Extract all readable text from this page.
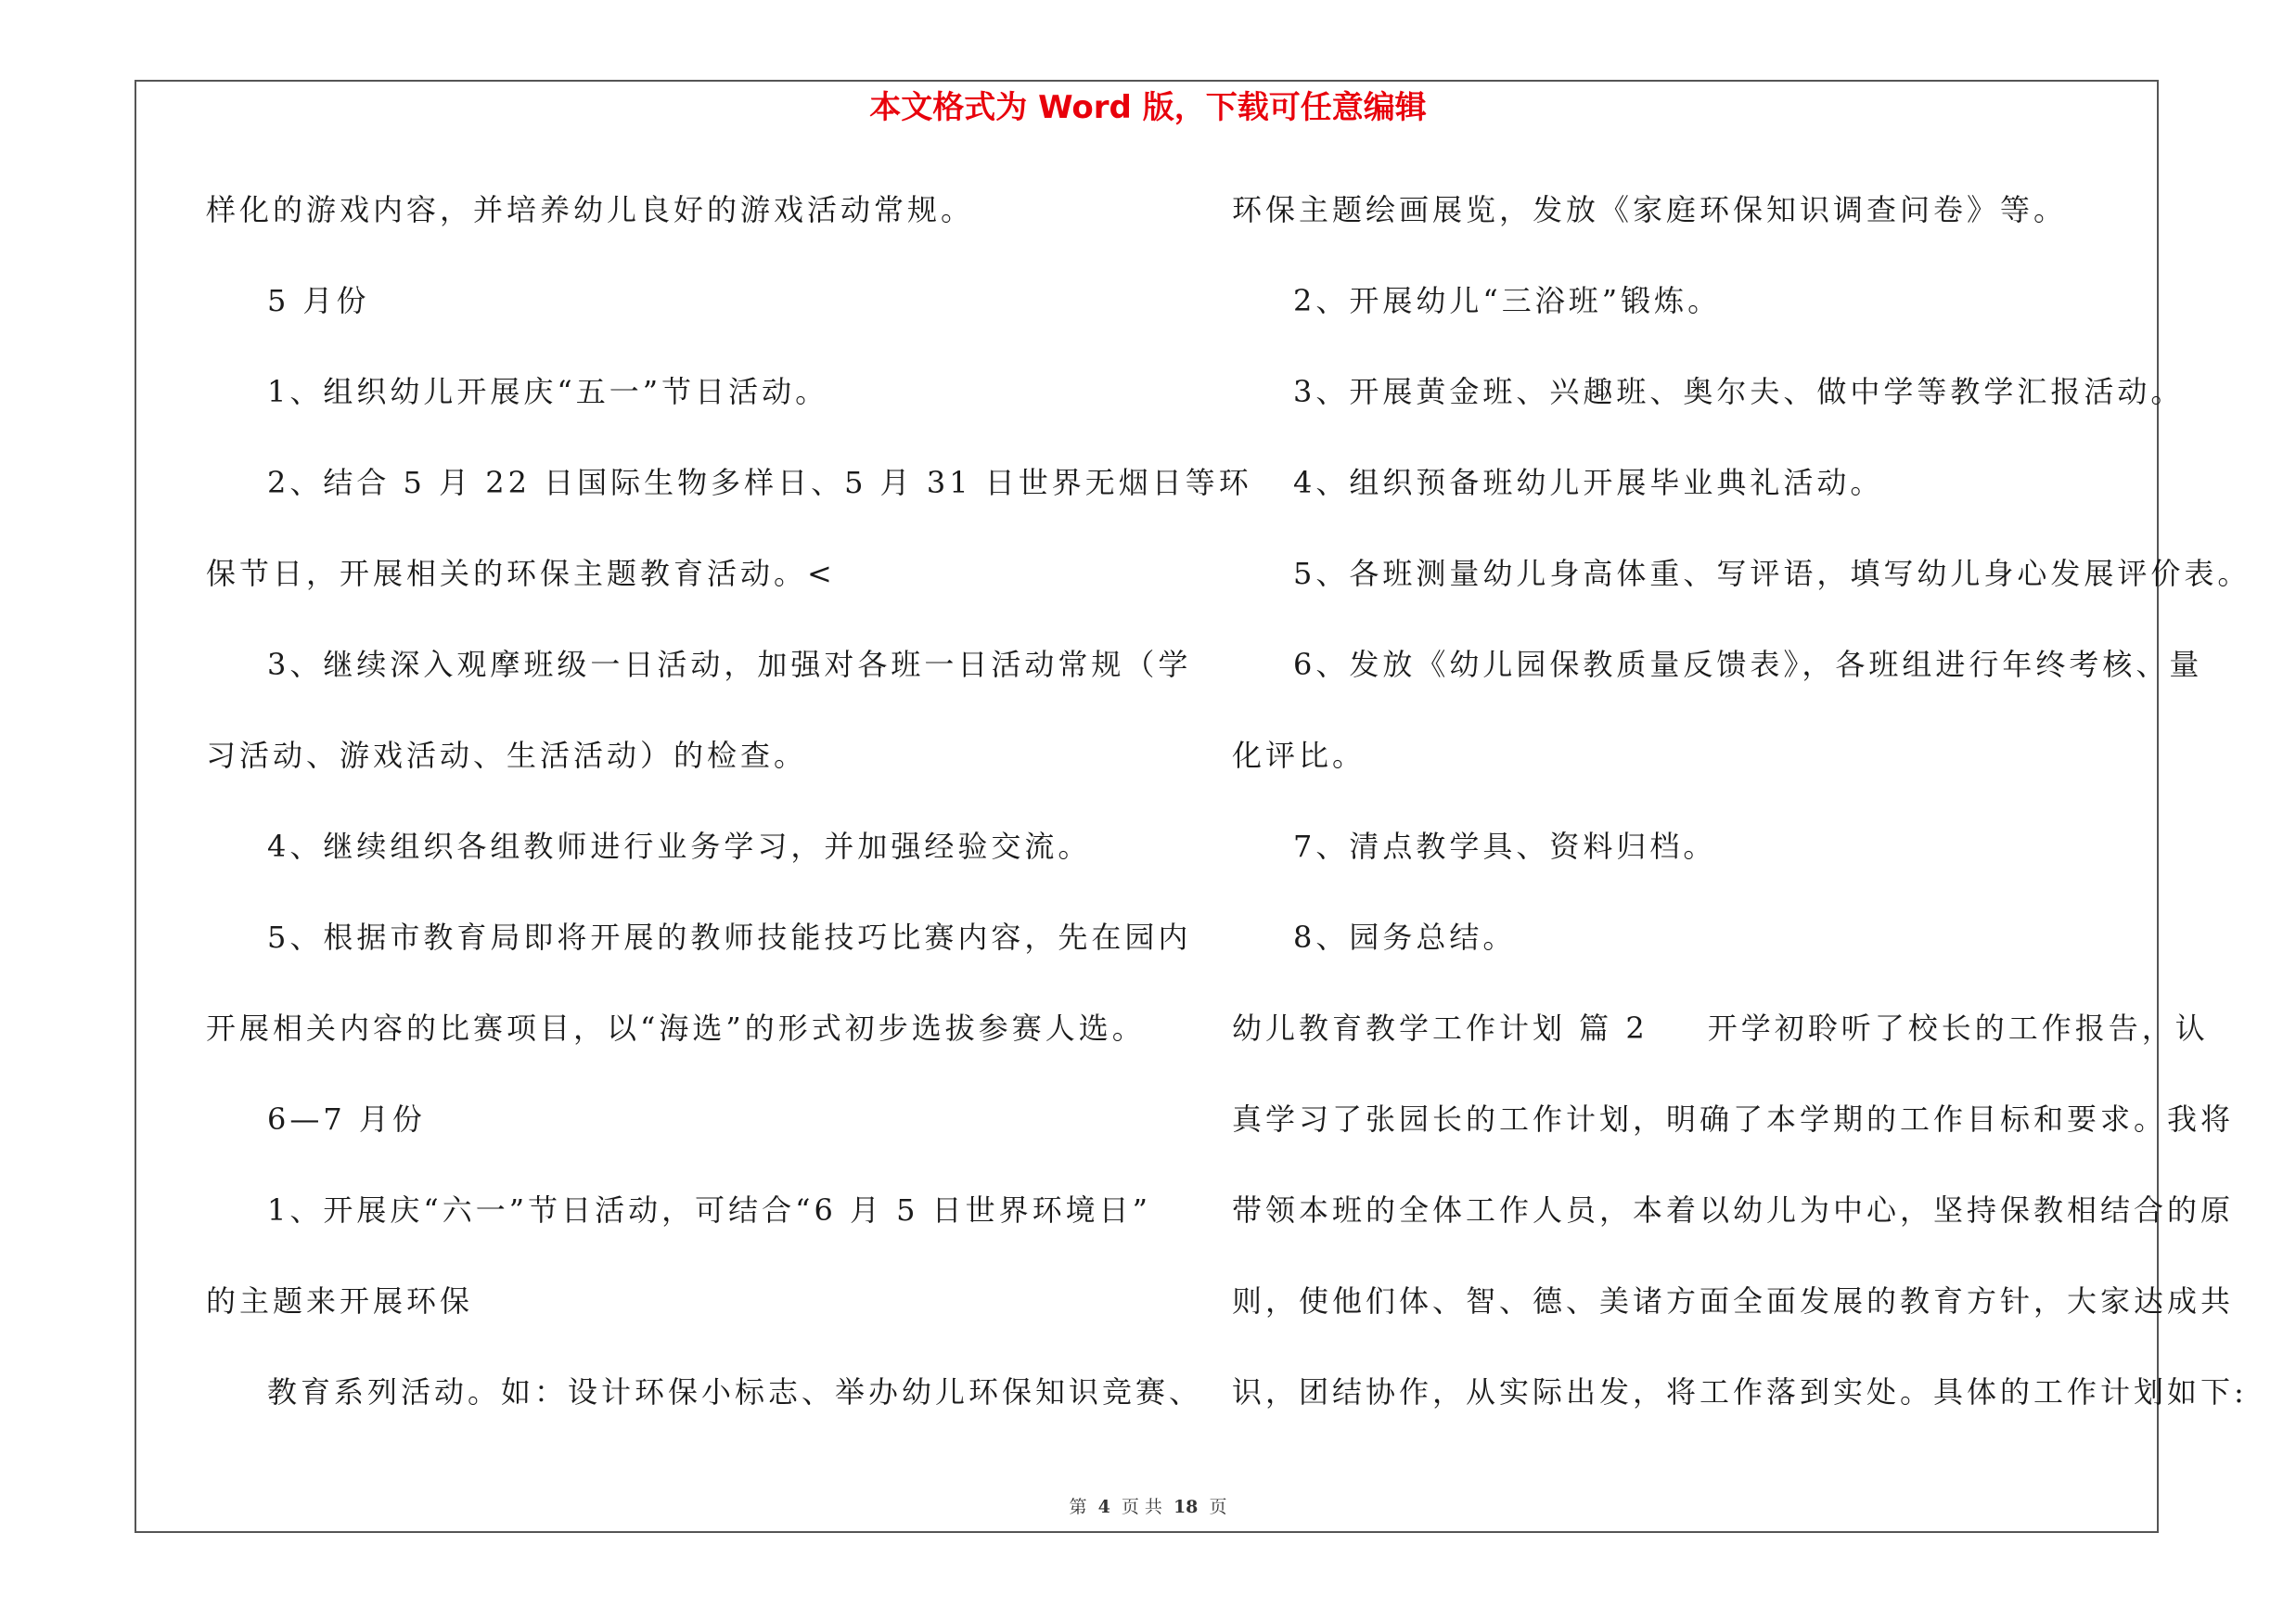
本文格式为 Word 版，下载可任意编辑
样化的游戏内容，并培养幼儿良好的游戏活动常规。
5 月份
1、组织幼儿开展庆“五一”节日活动。
2、结合 5 月 22 日国际生物多样日、5 月 31 日世界无烟日等环
保节日，开展相关的环保主题教育活动。<
3、继续深入观摩班级一日活动，加强对各班一日活动常规（学
习活动、游戏活动、生活活动）的检查。
4、继续组织各组教师进行业务学习，并加强经验交流。
5、根据市教育局即将开展的教师技能技巧比赛内容，先在园内
开展相关内容的比赛项目，以“海选”的形式初步选拔参赛人选。
6—7 月份
1、开展庆“六一”节日活动，可结合“6 月 5 日世界环境日”
的主题来开展环保
教育系列活动。如：设计环保小标志、举办幼儿环保知识竞赛、
环保主题绘画展览，发放《家庭环保知识调查问卷》等。
2、开展幼儿“三浴班”锻炼。
3、开展黄金班、兴趣班、奥尔夫、做中学等教学汇报活动。
4、组织预备班幼儿开展毕业典礼活动。
5、各班测量幼儿身高体重、写评语，填写幼儿身心发展评价表。
6、发放《幼儿园保教质量反馈表》，各班组进行年终考核、量
化评比。
7、清点教学具、资料归档。
8、园务总结。
幼儿教育教学工作计划 篇 2 开学初聆听了校长的工作报告，认
真学习了张园长的工作计划，明确了本学期的工作目标和要求。我将
带领本班的全体工作人员，本着以幼儿为中心，坚持保教相结合的原
则，使他们体、智、德、美诸方面全面发展的教育方针，大家达成共
识，团结协作，从实际出发，将工作落到实处。具体的工作计划如下:
第 4 页 共 18 页
